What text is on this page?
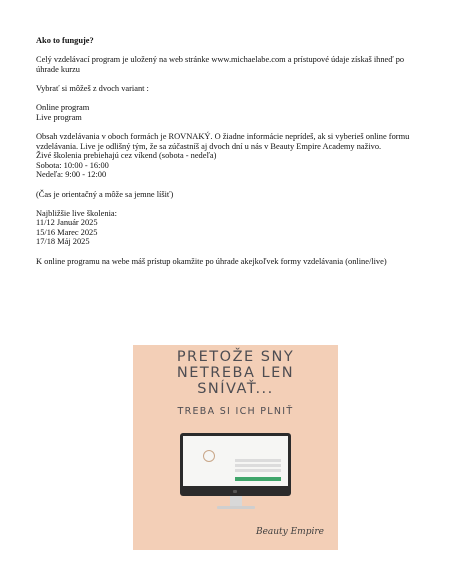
Ako to funguje?

Celý vzdelávací program je uložený na web stránke www.michaelabe.com a prístupové údaje získaš ihneď po úhrade kurzu

Vybrať si môžeš z dvoch variant :

Online program
Live program

Obsah vzdelávania v oboch formách je ROVNAKÝ. O žiadne informácie neprídeš, ak si vyberieš online formu vzdelávania. Live je odlišný tým, že sa zúčastníš aj dvoch dní u nás v Beauty Empire Academy naživo.
Živé školenia prebiehajú cez víkend (sobota - nedeľa)
Sobota: 10:00 - 16:00
Nedeľa: 9:00 - 12:00

(Čas je orientačný a môže sa jemne líšiť)

Najbližšie live školenia:
11/12 Január 2025
15/16 Marec 2025
17/18 Máj 2025

K online programu na webe máš prístup okamžite po úhrade akejkoľvek formy vzdelávania (online/live)

PRETOŽE SNY
NETREBA LEN
SNÍVAŤ...
TREBA SI ICH PLNIŤ
Beauty Empire
